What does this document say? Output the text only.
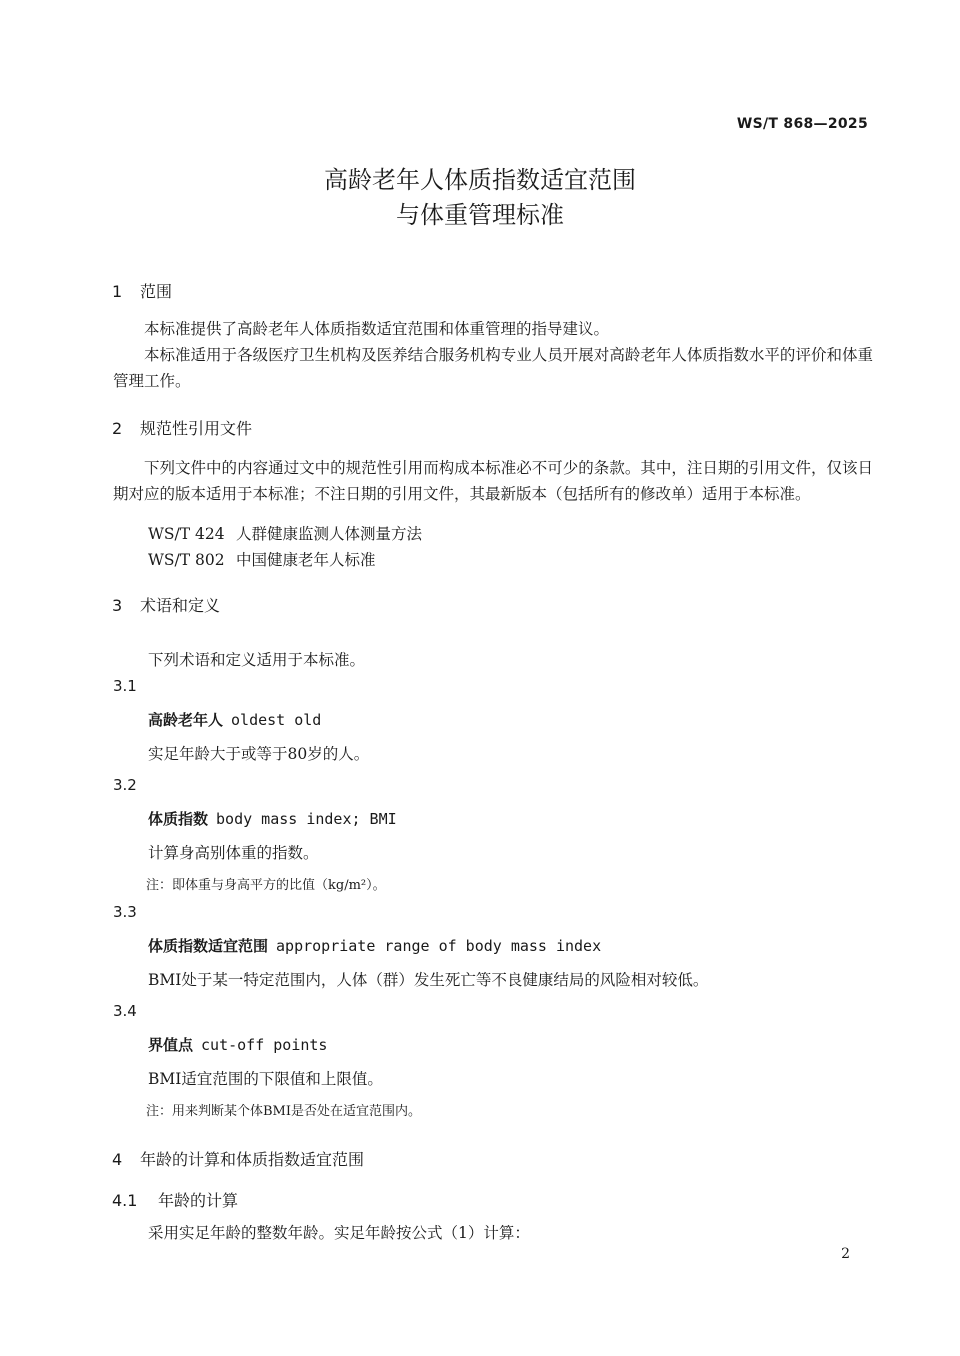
WS/T 868—2025
高龄老年人体质指数适宜范围
与体重管理标准
1 范围
本标准提供了高龄老年人体质指数适宜范围和体重管理的指导建议。
本标准适用于各级医疗卫生机构及医养结合服务机构专业人员开展对高龄老年人体质指数水平的评价和体重管理工作。
2 规范性引用文件
下列文件中的内容通过文中的规范性引用而构成本标准必不可少的条款。其中，注日期的引用文件，仅该日期对应的版本适用于本标准；不注日期的引用文件，其最新版本（包括所有的修改单）适用于本标准。
WS/T 424 人群健康监测人体测量方法
WS/T 802 中国健康老年人标准
3 术语和定义
下列术语和定义适用于本标准。
3.1
高龄老年人 oldest old
实足年龄大于或等于80岁的人。
3.2
体质指数 body mass index; BMI
计算身高别体重的指数。
注：即体重与身高平方的比值（kg/m²）。
3.3
体质指数适宜范围 appropriate range of body mass index
BMI处于某一特定范围内，人体（群）发生死亡等不良健康结局的风险相对较低。
3.4
界值点 cut-off points
BMI适宜范围的下限值和上限值。
注：用来判断某个体BMI是否处在适宜范围内。
4 年龄的计算和体质指数适宜范围
4.1 年龄的计算
采用实足年龄的整数年龄。实足年龄按公式（1）计算：
2
